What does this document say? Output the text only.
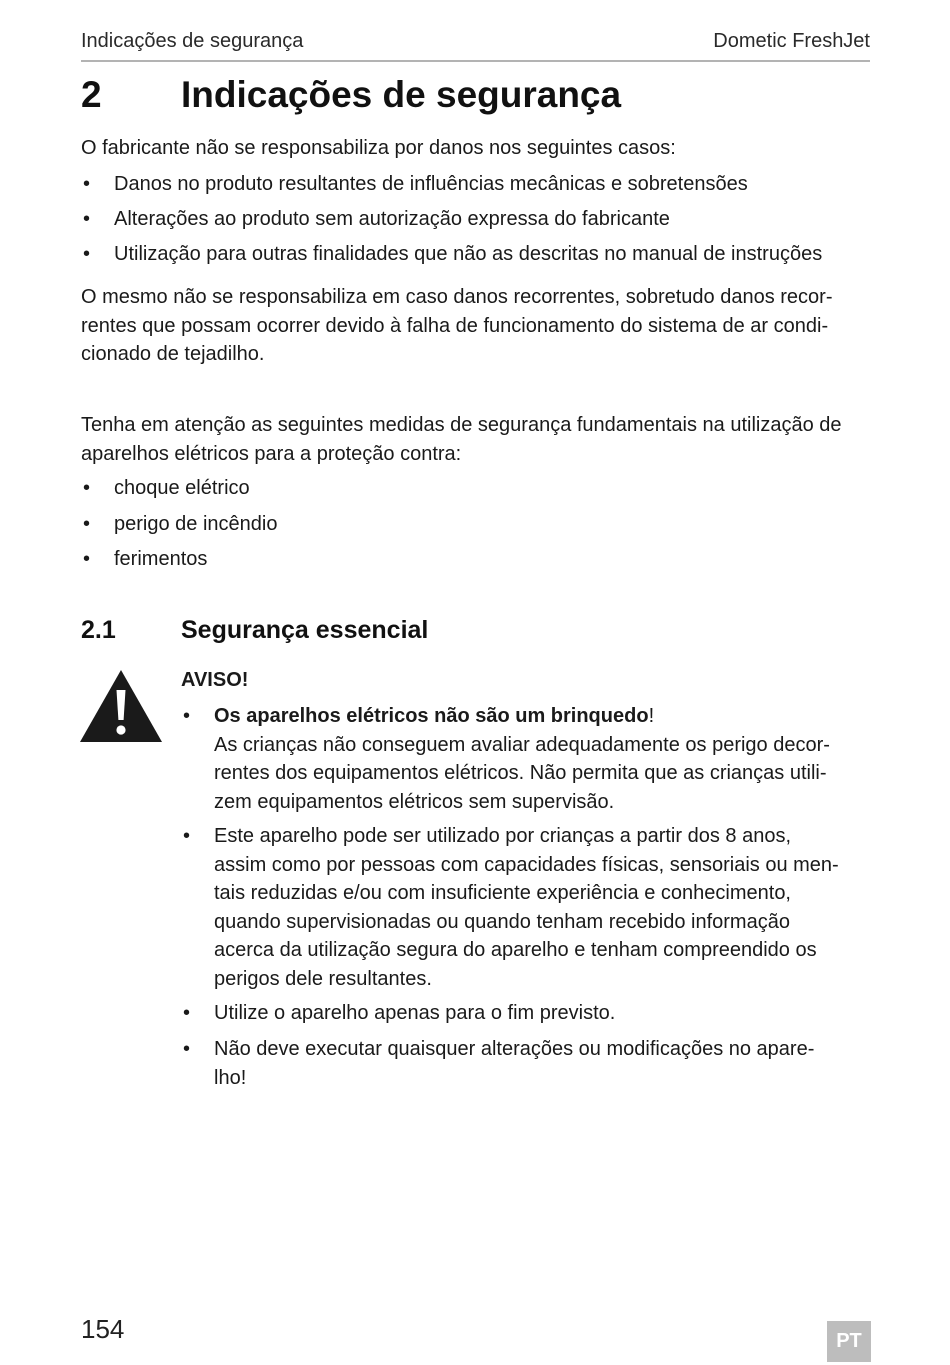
Indicações de segurança	Dometic FreshJet
2 Indicações de segurança
O fabricante não se responsabiliza por danos nos seguintes casos:
• Danos no produto resultantes de influências mecânicas e sobretensões
• Alterações ao produto sem autorização expressa do fabricante
• Utilização para outras finalidades que não as descritas no manual de instruções
O mesmo não se responsabiliza em caso danos recorrentes, sobretudo danos recor-
rentes que possam ocorrer devido à falha de funcionamento do sistema de ar condi-
cionado de tejadilho.
Tenha em atenção as seguintes medidas de segurança fundamentais na utilização de
aparelhos elétricos para a proteção contra:
• choque elétrico
• perigo de incêndio
• ferimentos
2.1	Segurança essencial
AVISO!
• Os aparelhos elétricos não são um brinquedo!
As crianças não conseguem avaliar adequadamente os perigo decor-
rentes dos equipamentos elétricos. Não permita que as crianças utili-
zem equipamentos elétricos sem supervisão.
• Este aparelho pode ser utilizado por crianças a partir dos 8 anos,
assim como por pessoas com capacidades físicas, sensoriais ou men-
tais reduzidas e/ou com insuficiente experiência e conhecimento,
quando supervisionadas ou quando tenham recebido informação
acerca da utilização segura do aparelho e tenham compreendido os
perigos dele resultantes.
• Utilize o aparelho apenas para o fim previsto.
• Não deve executar quaisquer alterações ou modificações no apare-
lho!
154	PT
